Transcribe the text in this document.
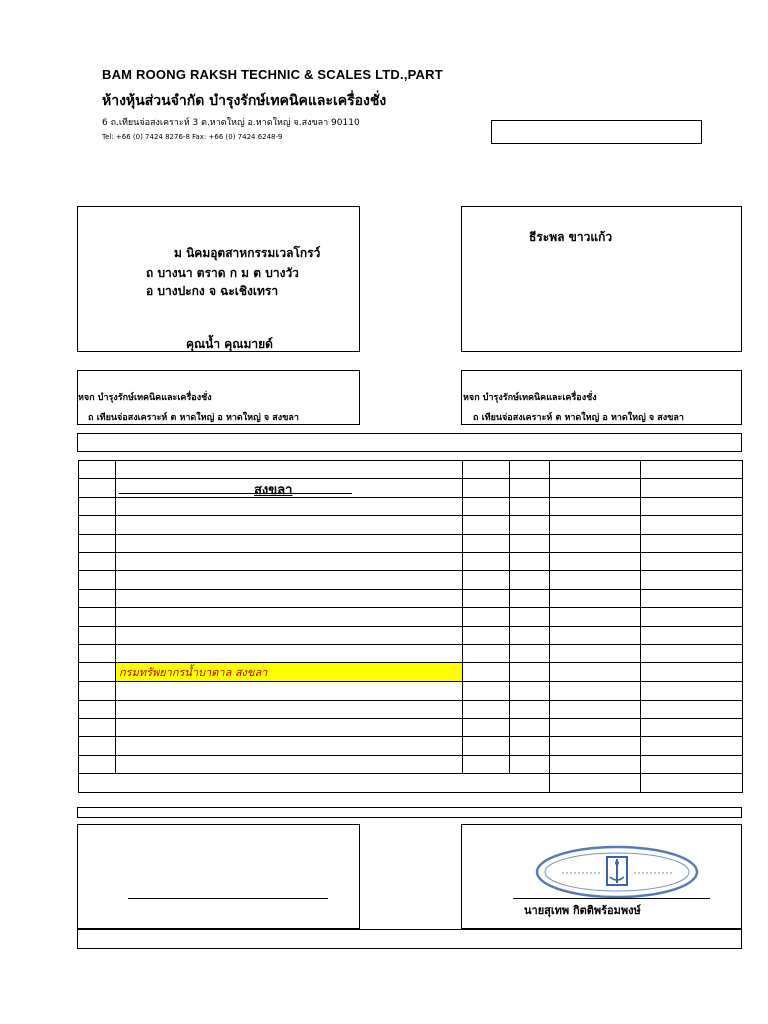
BAM ROONG RAKSH TECHNIC & SCALES LTD.,PART
ห้างหุ้นส่วนจำกัด บำรุงรักษ์เทคนิคและเครื่องชั่ง
6 ถ.เทียนจ่อสงเคราะห์ 3 ต.หาดใหญ่ อ.หาดใหญ่ จ.สงขลา 90110
Tel: +66 (0) 7424 8276-8 Fax: +66 (0) 7424 6248-9
ม นิคมอุตสาหกรรมเวลโกรว์
ถ บางนา ตราด ก ม ต บางวัว
อ บางปะกง จ ฉะเชิงเทรา
คุณน้ำ คุณมายด์
ธีระพล ขาวแก้ว
หจก บำรุงรักษ์เทคนิคและเครื่องชั่ง
ถ เทียนจ่อสงเคราะห์ ต หาดใหญ่ อ หาดใหญ่ จ สงขลา
หจก บำรุงรักษ์เทคนิคและเครื่องชั่ง
ถ เทียนจ่อสงเคราะห์ ต หาดใหญ่ อ หาดใหญ่ จ สงขลา

	สงขลา				

	กรมทรัพยากรน้ำบาดาล สงขลา				

นายสุเทพ กิตติพร้อมพงษ์
